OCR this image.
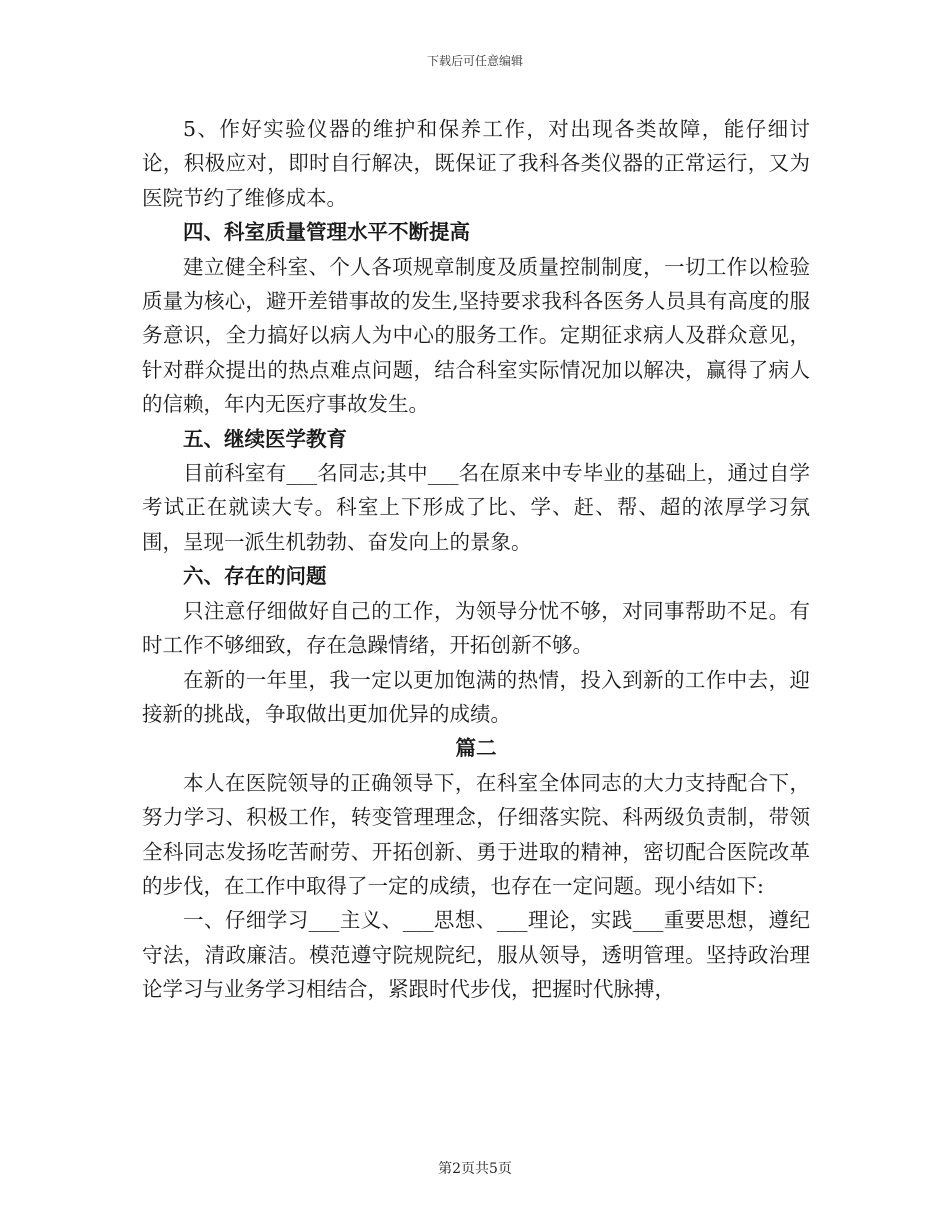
下载后可任意编辑

5、作好实验仪器的维护和保养工作，对出现各类故障，能仔细讨论，积极应对，即时自行解决，既保证了我科各类仪器的正常运行，又为医院节约了维修成本。

四、科室质量管理水平不断提高

建立健全科室、个人各项规章制度及质量控制制度，一切工作以检验质量为核心，避开差错事故的发生,坚持要求我科各医务人员具有高度的服务意识，全力搞好以病人为中心的服务工作。定期征求病人及群众意见，针对群众提出的热点难点问题，结合科室实际情况加以解决，赢得了病人的信赖，年内无医疗事故发生。

五、继续医学教育

目前科室有___名同志;其中___名在原来中专毕业的基础上，通过自学考试正在就读大专。科室上下形成了比、学、赶、帮、超的浓厚学习氛围，呈现一派生机勃勃、奋发向上的景象。

六、存在的问题

只注意仔细做好自己的工作，为领导分忧不够，对同事帮助不足。有时工作不够细致，存在急躁情绪，开拓创新不够。

在新的一年里，我一定以更加饱满的热情，投入到新的工作中去，迎接新的挑战，争取做出更加优异的成绩。

篇二

本人在医院领导的正确领导下，在科室全体同志的大力支持配合下，努力学习、积极工作，转变管理理念，仔细落实院、科两级负责制，带领全科同志发扬吃苦耐劳、开拓创新、勇于进取的精神，密切配合医院改革的步伐，在工作中取得了一定的成绩，也存在一定问题。现小结如下:

一、仔细学习___主义、___思想、___理论，实践___重要思想，遵纪守法，清政廉洁。模范遵守院规院纪，服从领导，透明管理。坚持政治理论学习与业务学习相结合，紧跟时代步伐，把握时代脉搏，

第2页共5页
